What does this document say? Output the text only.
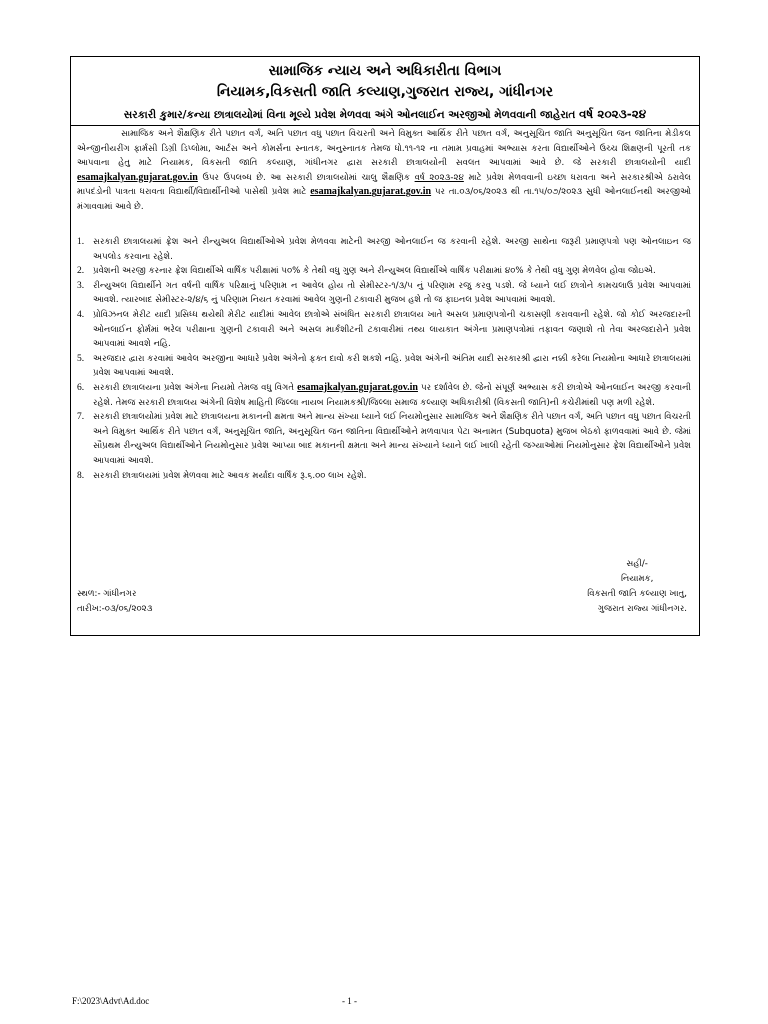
સામાજિક ન્યાય અને અધિકારીતા વિભાગ
નિયામક,વિકસતી જાતિ કલ્યાણ,ગુજરાત રાજ્ય, ગાંધીનગર
સરકારી કુમાર/કન્યા છાત્રાલયોમાં વિના મૂલ્યે પ્રવેશ મેળવવા અંગે ઓનલાઈન અરજીઓ મેળવવાની જાહેરાત વર્ષ ૨૦૨૩-૨૪

સામાજિક અને શૈક્ષણિક રીતે પછાત વર્ગ, અતિ પછાત વધુ પછાત વિચરતી અને વિમુક્ત આર્થિક રીતે પછાત વર્ગ, અનુસૂચિત જાતિ અનુસૂચિત જન જાતિના મેડીકલ એન્જીનીયરીંગ ફાર્મસી ડિગ્રી ડિપ્લોમા, આર્ટસ અને કોમર્સના સ્નાતક, અનુસ્નાતક તેમજ ધો.૧૧-૧૨ ના તમામ પ્રવાહમાં અભ્યાસ કરતા વિદ્યાર્થીઓને ઉચ્ચ શિક્ષણની પૂરતી તક આપવાના હેતુ માટે નિયામક, વિકસતી જાતિ કલ્યાણ, ગાંધીનગર દ્વારા સરકારી છાત્રાલયોની સવલત આપવામાં આવે છે. જે સરકારી છાત્રાલયોની યાદી esamajkalyan.gujarat.gov.in ઉપર ઉપલબ્ધ છે. આ સરકારી છાત્રાલયોમાં ચાલુ શૈક્ષણિક વર્ષ ૨૦૨૩-૨૪ માટે પ્રવેશ મેળવવાની ઇચ્છા ધરાવતા અને સરકારશ્રીએ ઠરાવેલ માપદંડોની પાત્રતા ધરાવતા વિદ્યાર્થી/વિદ્યાર્થીનીઓ પાસેથી પ્રવેશ માટે esamajkalyan.gujarat.gov.in પર તા.૦૩/૦૬/૨૦૨૩ થી તા.૧૫/૦૭/૨૦૨૩ સુધી ઓનલાઈનથી અરજીઓ મંગાવવામાં આવે છે.

1. સરકારી છાત્રાલયમાં ફ્રેશ અને રીન્યુઅલ વિદ્યાર્થીઓએ પ્રવેશ મેળવવા માટેની અરજી ઓનલાઈન જ કરવાની રહેશે. અરજી સાથેના જરૂરી પ્રમાણપત્રો પણ ઓનલાઇન જ અપલોડ કરવાના રહેશે.
2. પ્રવેશની અરજી કરનાર ફ્રેશ વિદ્યાર્થીએ વાર્ષિક પરીક્ષામાં ૫૦% કે તેથી વધુ ગુણ અને રીન્યુઅલ વિદ્યાર્થીએ વાર્ષિક પરીક્ષામાં ૪૦% કે તેથી વધુ ગુણ મેળવેલ હોવા જોઇએ.
3. રીન્યુઅલ વિદ્યાર્થીને ગત વર્ષની વાર્ષિક પરિક્ષાનું પરિણામ ન આવેલ હોય તો સેમીસ્ટર-૧/૩/૫ નું પરિણામ રજુ કરવુ પડશે. જે ધ્યાને લઈ છાત્રોને કામચલાઉ પ્રવેશ આપવામાં આવશે. ત્યારબાદ સેમીસ્ટર-૨/૪/૬ નું પરિણામ નિયત કરવામાં આવેલ ગુણની ટકાવારી મુજબ હશે તો જ ફાઇનલ પ્રવેશ આપવામાં આવશે.
4. પ્રોવિઝનલ મેરીટ યાદી પ્રસિધ્ધ થયેથી મેરીટ યાદીમાં આવેલ છાત્રોએ સંબંધિત સરકારી છાત્રાલય ખાતે અસલ પ્રમાણપત્રોની ચકાસણી કરાવવાની રહેશે. જો કોઈ અરજદારની ઓનલાઈન ફોર્મમાં ભરેલ પરીક્ષાના ગુણની ટકાવારી અને અસલ માર્કશીટની ટકાવારીમાં તથ્ય લાયકાત અંગેના પ્રમાણપત્રોમાં તફાવત જણાશે તો તેવા અરજદારોને પ્રવેશ આપવામાં આવશે નહિ.
5. અરજદાર દ્વારા કરવામાં આવેલ અરજીના આધારે પ્રવેશ અંગેનો ફક્ત દાવો કરી શકશે નહિ. પ્રવેશ અંગેની અંતિમ યાદી સરકારશ્રી દ્વારા નક્કી કરેલા નિયમોના આધારે છાત્રાલયમાં પ્રવેશ આપવામાં આવશે.
6. સરકારી છાત્રાલયના પ્રવેશ અંગેના નિયમો તેમજ વધુ વિગતે esamajkalyan.gujarat.gov.in પર દર્શાવેલ છે. જેનો સંપૂર્ણ અભ્યાસ કરી છાત્રોએ ઓનલાઈન અરજી કરવાની રહેશે. તેમજ સરકારી છાત્રાલય અંગેની વિશેષ માહિતી જિલ્લા નાયબ નિયામકશ્રી/જિલ્લા સમાજ કલ્યાણ અધિકારીશ્રી (વિકસતી જાતિ)ની કચેરીમાંથી પણ મળી રહેશે.
7. સરકારી છાત્રાલયોમાં પ્રવેશ માટે છાત્રાલયના મકાનની ક્ષમતા અને માન્ય સંખ્યા ધ્યાને લઈ નિયમોનુસાર સામાજિક અને શૈક્ષણિક રીતે પછાત વર્ગ, અતિ પછાત વધુ પછાત વિચરતી અને વિમુક્ત આર્થિક રીતે પછાત વર્ગ, અનુસૂચિત જાતિ, અનુસૂચિત જન જાતિના વિદ્યાર્થીઓને મળવાપાત્ર પેટા અનામત (Subquota) મુજબ બેઠકો ફાળવવામાં આવે છે. જેમાં સૌપ્રથમ રીન્યુઅલ વિદ્યાર્થીઓને નિયમોનુસાર પ્રવેશ આપ્યા બાદ મકાનની ક્ષમતા અને માન્ય સંખ્યાને ધ્યાને લઈ ખાલી રહેતી જગ્યાઓમાં નિયમોનુસાર ફ્રેશ વિદ્યાર્થીઓને પ્રવેશ આપવામાં આવશે.
8. સરકારી છાત્રાલયમાં પ્રવેશ મેળવવા માટે આવક મર્યાદા વાર્ષિક રૂ.૬.૦૦ લાખ રહેશે.
સહી/-
નિયામક,
વિકસતી જાતિ કલ્યાણ ખાતુ,
ગુજરાત રાજ્ય ગાંધીનગર.
સ્થળ:- ગાંધીનગર
તારીખ:-૦૩/૦૬/૨૦૨૩
F:\2023\Advt\Ad.doc	- 1 -
